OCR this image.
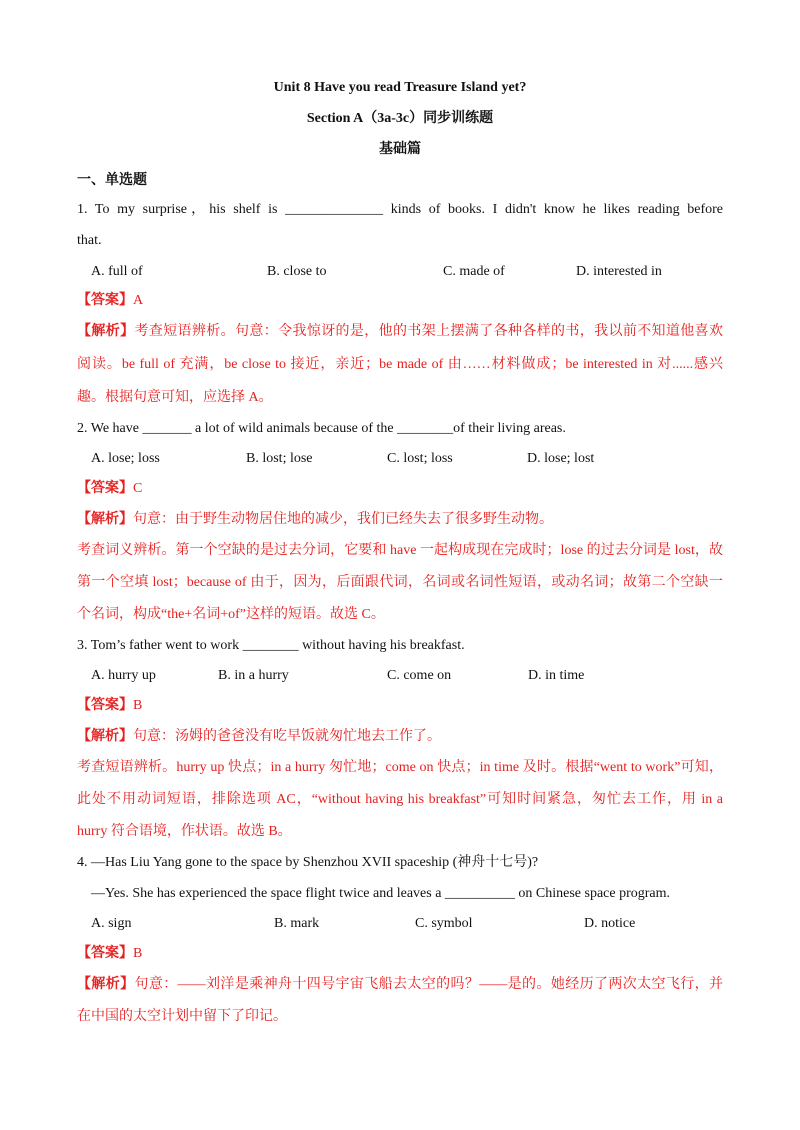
Unit 8 Have you read Treasure Island yet?
Section A（3a-3c）同步训练题
基础篇
一、单选题
1. To my surprise，his shelf is ______________ kinds of books. I didn't know he likes reading before
that.
A. full of	B. close to	C. made of	D. interested in
【答案】A
【解析】考查短语辨析。句意：令我惊讶的是，他的书架上摆满了各种各样的书，我以前不知道他喜欢
阅读。be full of 充满，be close to 接近，亲近；be made of 由……材料做成；be interested in 对......感兴
趣。根据句意可知，应选择 A。
2. We have _______ a lot of wild animals because of the ________of their living areas.
A. lose; loss	B. lost; lose	C. lost; loss	D. lose; lost
【答案】C
【解析】句意：由于野生动物居住地的减少，我们已经失去了很多野生动物。
考查词义辨析。第一个空缺的是过去分词，它要和 have 一起构成现在完成时；lose 的过去分词是 lost，故
第一个空填 lost；because of 由于，因为，后面跟代词，名词或名词性短语，或动名词；故第二个空缺一
个名词，构成“the+名词+of”这样的短语。故选 C。
3. Tom’s father went to work ________ without having his breakfast.
A. hurry up	B. in a hurry	C. come on	D. in time
【答案】B
【解析】句意：汤姆的爸爸没有吃早饭就匆忙地去工作了。
考查短语辨析。hurry up 快点；in a hurry 匆忙地；come on 快点；in time 及时。根据“went to work”可知，
此处不用动词短语，排除选项 AC，“without having his breakfast”可知时间紧急，匆忙去工作，用 in a
hurry 符合语境，作状语。故选 B。
4. —Has Liu Yang gone to the space by Shenzhou XVII spaceship (神舟十七号)?
—Yes. She has experienced the space flight twice and leaves a __________ on Chinese space program.
A. sign	B. mark	C. symbol	D. notice
【答案】B
【解析】句意：——刘洋是乘神舟十四号宇宙飞船去太空的吗？——是的。她经历了两次太空飞行，并
在中国的太空计划中留下了印记。
